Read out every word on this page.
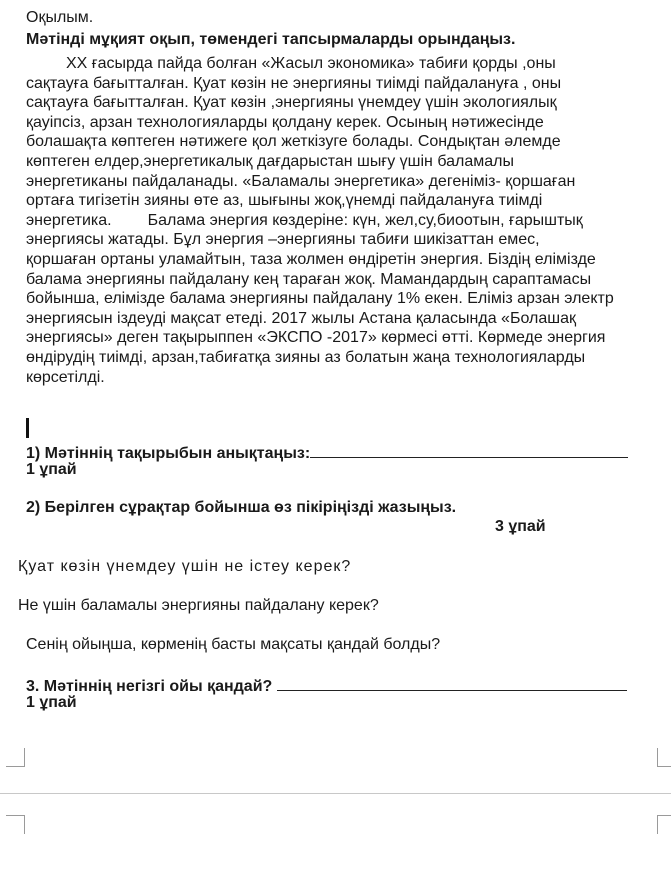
Оқылым.
Мәтінді мұқият оқып, төмендегі тапсырмаларды орындаңыз.
ХХ ғасырда пайда болған «Жасыл экономика» табиғи қорды ,оны
сақтауға бағытталған. Қуат көзін не энергияны тиімді пайдалануға , оны
сақтауға бағытталған. Қуат көзін ,энергияны үнемдеу үшін экологиялық
қауіпсіз, арзан технологияларды қолдану керек. Осының нәтижесінде
болашақта көптеген нәтижеге қол жеткізуге болады. Сондықтан әлемде
көптеген елдер,энергетикалық дағдарыстан шығу үшін баламалы
энергетиканы пайдаланады. «Баламалы энергетика» дегеніміз- қоршаған
ортаға тигізетін зияны өте аз, шығыны жоқ,үнемді пайдалануға тиімді
энергетика. Балама энергия көздеріне: күн, жел,су,биоотын, ғарыштық
энергиясы жатады. Бұл энергия –энергияны табиғи шикізаттан емес,
қоршаған ортаны уламайтын, таза жолмен өндіретін энергия. Біздің елімізде
балама энергияны пайдалану кең тараған жоқ. Мамандардың сараптамасы
бойынша, елімізде балама энергияны пайдалану 1% екен. Еліміз арзан электр
энергиясын іздеуді мақсат етеді. 2017 жылы Астана қаласында «Болашақ
энергиясы» деген тақырыппен «ЭКСПО -2017» көрмесі өтті. Көрмеде энергия
өндірудің тиімді, арзан,табиғатқа зияны аз болатын жаңа технологияларды
көрсетілді.
1) Мәтіннің тақырыбын анықтаңыз:
1 ұпай
2) Берілген сұрақтар бойынша өз пікіріңізді жазыңыз.
3 ұпай
Қуат көзін үнемдеу үшін не істеу керек?
Не үшін баламалы энергияны пайдалану керек?
Сенің ойыңша, көрменің басты мақсаты қандай болды?
3. Мәтіннің негізгі ойы қандай?
1 ұпай
